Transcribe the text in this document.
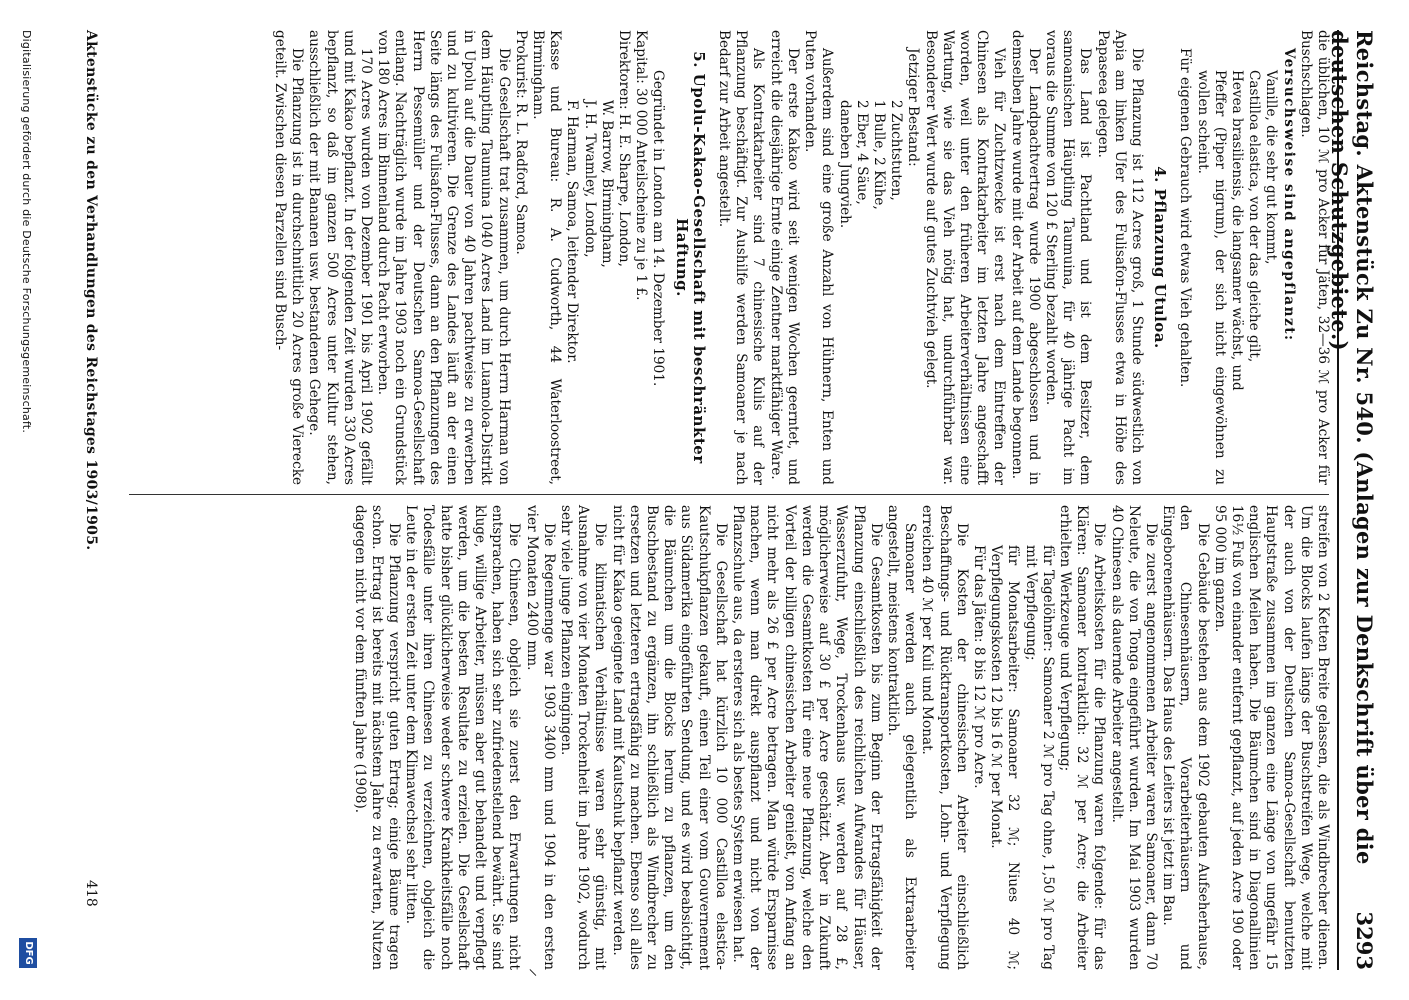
Reichstag. Aktenstück Zu Nr. 540. (Anlagen zur Denkschrift über die deutschen Schutzgebiete.)
3293

die üblichen, 10 ℳ pro Acker für Jäten, 32—36 ℳ pro Acker für Buschschlagen.

Versuchsweise sind angepflanzt:

Vanille, die sehr gut kommt,

Castilloa elastica, von der das gleiche gilt,

Hevea brasiliensis, die langsamer wächst, und

Pfeffer (Piper nigrum), der sich nicht eingewöhnen zu wollen scheint.

Für eigenen Gebrauch wird etwas Vieh gehalten.

4. Pflanzung Utuloa.

Die Pflanzung ist 112 Acres groß, 1 Stunde südwestlich von Apia am linken Ufer des Fulisafon-Flusses etwa in Höhe des Papaseea gelegen.

Das Land ist Pachtland und ist dem Besitzer, dem samoanischen Häuptling Taumuina, für 40 jährige Pacht im voraus die Summe von 120 £ Sterling bezahlt worden.

Der Landpachtvertrag wurde 1900 abgeschlossen und in demselben Jahre wurde mit der Arbeit auf dem Lande begonnen.

Vieh für Zuchtzwecke ist erst nach dem Eintreffen der Chinesen als Kontraktarbeiter im letzten Jahre angeschafft worden, weil unter den früheren Arbeiterverhältnissen eine Wartung, wie sie das Vieh nötig hat, undurchführbar war. Besonderer Wert wurde auf gutes Zuchtvieh gelegt.

Jetziger Bestand:

2 Zuchtstuten,

1 Bulle, 2 Kühe,

2 Eber, 4 Säue,

daneben Jungvieh.

Außerdem sind eine große Anzahl von Hühnern, Enten und Puten vorhanden.

Der erste Kakao wird seit wenigen Wochen geerntet, und erreicht die diesjährige Ernte einige Zentner marktfähiger Ware.

Als Kontraktarbeiter sind 7 chinesische Kulis auf der Pflanzung beschäftigt. Zur Aushilfe werden Samoaner je nach Bedarf zur Arbeit angestellt.

5. Upolu-Kakao-Gesellschaft mit beschränkter Haftung.

Gegründet in London am 14. Dezember 1901.

Kapital: 30 000 Anteilscheine zu je 1 £.

Direktoren: H. E. Sharpe, London,

W. Barrow, Birmingham,

J. H. Twamley, London,

F. Harman, Samoa, leitender Direktor.

Kasse und Bureau: R. A. Cudworth, 44 Waterloostreet, Birmingham.

Prokurist: R. L. Radford, Samoa.

Die Gesellschaft trat zusammen, um durch Herrn Harman von dem Häuptling Taumuina 1040 Acres Land im Luamoloa-Distrikt in Upolu auf die Dauer von 40 Jahren pachtweise zu erwerben und zu kultivieren. Die Grenze des Landes läuft an der einen Seite längs des Fulisafon-Flusses, dann an den Pflanzungen des Herrn Pessemüller und der Deutschen Samoa-Gesellschaft entlang. Nachträglich wurde im Jahre 1903 noch ein Grundstück von 180 Acres im Binnenland durch Pacht erworben.

170 Acres wurden von Dezember 1901 bis April 1902 gefällt und mit Kakao bepflanzt. In der folgenden Zeit wurden 330 Acres bepflanzt, so daß im ganzen 500 Acres unter Kultur stehen, ausschließlich der mit Bananen usw. bestandenen Gehege.

Die Pflanzung ist in durchschnittlich 20 Acres große Vierecke geteilt. Zwischen diesen Parzellen sind Busch-

streifen von 2 Ketten Breite gelassen, die als Windbrecher dienen. Um die Blocks laufen längs der Buschstreifen Wege, welche mit der auch von der Deutschen Samoa-Gesellschaft benutzten Hauptstraße zusammen im ganzen eine Länge von ungefähr 15 englischen Meilen haben. Die Bäumchen sind in Diagonallinien 16½ Fuß von einander entfernt gepflanzt, auf jeden Acre 190 oder 95 000 im ganzen.

Die Gebäude bestehen aus dem 1902 gebauten Aufseherhause, den Chinesenhäusern, Vorarbeiterhäusern und Eingeborenenhäusern. Das Haus des Leiters ist jetzt im Bau.

Die zuerst angenommenen Arbeiter waren Samoaner, dann 70 Neleute, die von Tonga eingeführt wurden. Im Mai 1903 wurden 40 Chinesen als dauernde Arbeiter angestellt.

Die Arbeitskosten für die Pflanzung waren folgende: für das Klären: Samoaner kontraktlich: 32 ℳ per Acre; die Arbeiter erhielten Werkzeuge und Verpflegung;

für Tagelöhner: Samoaner 2 ℳ pro Tag ohne, 1,50 ℳ pro Tag mit Verpflegung;

für Monatsarbeiter: Samoaner 32 ℳ; Niues 40 ℳ; Verpflegungskosten 12 bis 16 ℳ per Monat.

Für das Jäten: 8 bis 12 ℳ pro Acre.

Die Kosten der chinesischen Arbeiter einschließlich Beschaffungs- und Rücktransportkosten, Lohn- und Verpflegung erreichen 40 ℳ per Kuli und Monat.

Samoaner werden auch gelegentlich als Extraarbeiter angestellt, meistens kontraktlich.

Die Gesamtkosten bis zum Beginn der Ertragsfähigkeit der Pflanzung einschließlich des reichlichen Aufwandes für Häuser, Wasserzufuhr, Wege, Trockenhaus usw. werden auf 28 £, möglicherweise auf 30 £ per Acre geschätzt. Aber in Zukunft werden die Gesamtkosten für eine neue Pflanzung, welche den Vorteil der billigen chinesischen Arbeiter genießt, von Anfang an nicht mehr als 26 £ per Acre betragen. Man würde Ersparnisse machen, wenn man direkt auspflanzt und nicht von der Pflanzschule aus, da ersteres sich als bestes System erwiesen hat.

Die Gesellschaft hat kürzlich 10 000 Castilloa elastica-Kautschukpflanzen gekauft, einen Teil einer vom Gouvernement aus Südamerika eingeführten Sendung, und es wird beabsichtigt, die Bäumchen um die Blocks herum zu pflanzen, um den Buschbestand zu ergänzen, ihn schließlich als Windbrecher zu ersetzen und letzteren ertragsfähig zu machen. Ebenso soll alles nicht für Kakao geeignete Land mit Kautschuk bepflanzt werden.

Die klimatischen Verhältnisse waren sehr günstig, mit Ausnahme von vier Monaten Trockenheit im Jahre 1902, wodurch sehr viele junge Pflanzen eingingen.

Die Regenmenge war 1903 3400 mm und 1904 in den ersten vier Monaten 2400 mm.

Die Chinesen, obgleich sie zuerst den Erwartungen nicht entsprachen, haben sich sehr zufriedenstellend bewährt. Sie sind kluge, willige Arbeiter, müssen aber gut behandelt und verpflegt werden, um die besten Resultate zu erzielen. Die Gesellschaft hatte bisher glücklicherweise weder schwere Krankheitsfälle noch Todesfälle unter ihren Chinesen zu verzeichnen, obgleich die Leute in der ersten Zeit unter dem Klimawechsel sehr litten.

Die Pflanzung verspricht guten Ertrag; einige Bäume tragen schon. Ertrag ist bereits mit nächstem Jahre zu erwarten, Nutzen dagegen nicht vor dem fünften Jahre (1908).

⸝
Aktenstücke zu den Verhandlungen des Reichstages 1903/1905.
418
Digitalisierung gefördert durch die Deutsche Forschungsgemeinschaft.
DFG
